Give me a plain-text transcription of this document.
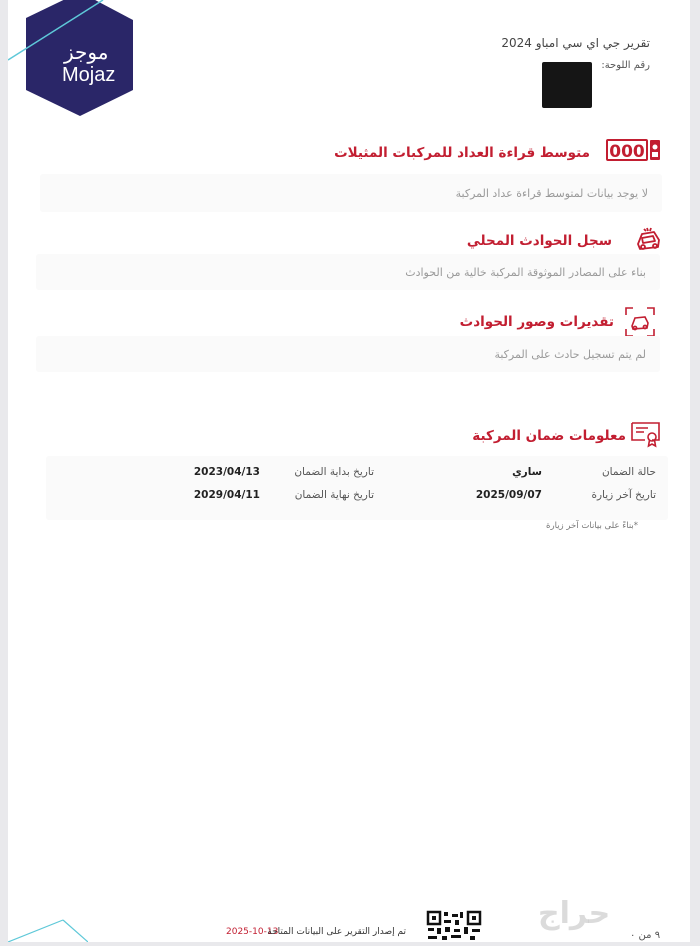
موجز
Mojaz
تقرير جي اي سي امباو 2024
رقم اللوحة:
000
متوسط قراءة العداد للمركبات المثيلات
لا يوجد بيانات لمتوسط قراءة عداد المركبة
سجل الحوادث المحلي
بناء على المصادر الموثوقة المركبة خالية من الحوادث
تقديرات وصور الحوادث
لم يتم تسجيل حادث على المركبة
معلومات ضمان المركبة
حالة الضمان
ساري
تاريخ بداية الضمان
2023/04/13
تاريخ آخر زيارة
2025/09/07
تاريخ نهاية الضمان
2029/04/11
*بناءً على بيانات آخر زيارة
2025-10-13
تم إصدار التقرير على البيانات المتاحة
حراج
٩ من ٠
